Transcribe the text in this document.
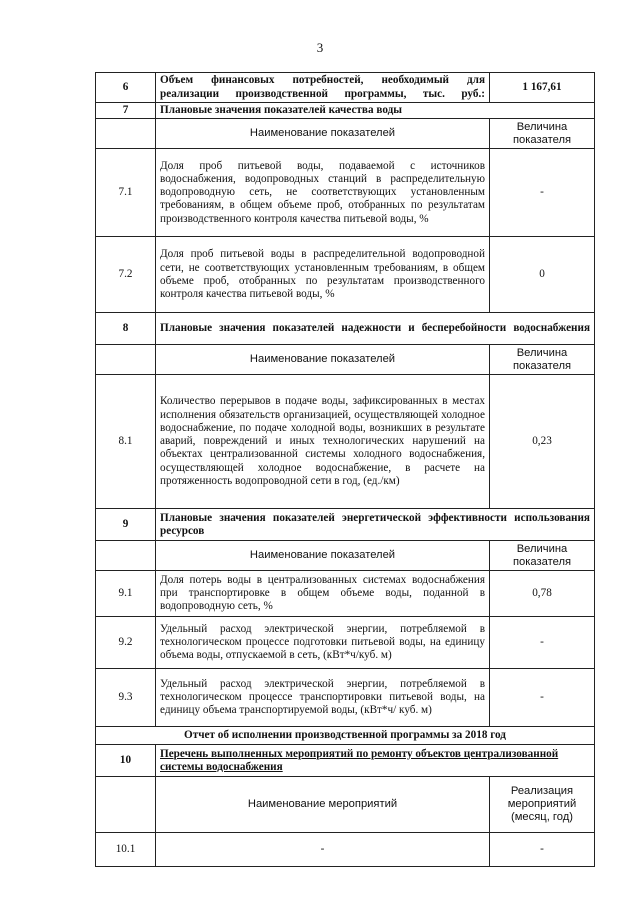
3
6	Объем финансовых потребностей, необходимый для реализации производственной программы, тыс. руб.:	1 167,61
7	Плановые значения показателей качества воды	
	Наименование показателей	Величина показателя
7.1	Доля проб питьевой воды, подаваемой с источников водоснабжения, водопроводных станций в распределительную водопроводную сеть, не соответствующих установленным требованиям, в общем объеме проб, отобранных по результатам производственного контроля качества питьевой воды, %	-
7.2	Доля проб питьевой воды в распределительной водопроводной сети, не соответствующих установленным требованиям, в общем объеме проб, отобранных по результатам производственного контроля качества питьевой воды, %	0
8	Плановые значения показателей надежности и бесперебойности водоснабжения	
	Наименование показателей	Величина показателя
8.1	Количество перерывов в подаче воды, зафиксированных в местах исполнения обязательств организацией, осуществляющей холодное водоснабжение, по подаче холодной воды, возникших в результате аварий, повреждений и иных технологических нарушений на объектах централизованной системы холодного водоснабжения, осуществляющей холодное водоснабжение, в расчете на протяженность водопроводной сети в год, (ед./км)	0,23
9	Плановые значения показателей энергетической эффективности использования ресурсов	
	Наименование показателей	Величина показателя
9.1	Доля потерь воды в централизованных системах водоснабжения при транспортировке в общем объеме воды, поданной в водопроводную сеть, %	0,78
9.2	Удельный расход электрической энергии, потребляемой в технологическом процессе подготовки питьевой воды, на единицу объема воды, отпускаемой в сеть, (кВт*ч/куб. м)	-
9.3	Удельный расход электрической энергии, потребляемой в технологическом процессе транспортировки питьевой воды, на единицу объема транспортируемой воды, (кВт*ч/ куб. м)	-
Отчет об исполнении производственной программы за 2018 год		
10	Перечень выполненных мероприятий по ремонту объектов централизованной системы водоснабжения	
	Наименование мероприятий	Реализация мероприятий (месяц, год)
10.1	-	-
